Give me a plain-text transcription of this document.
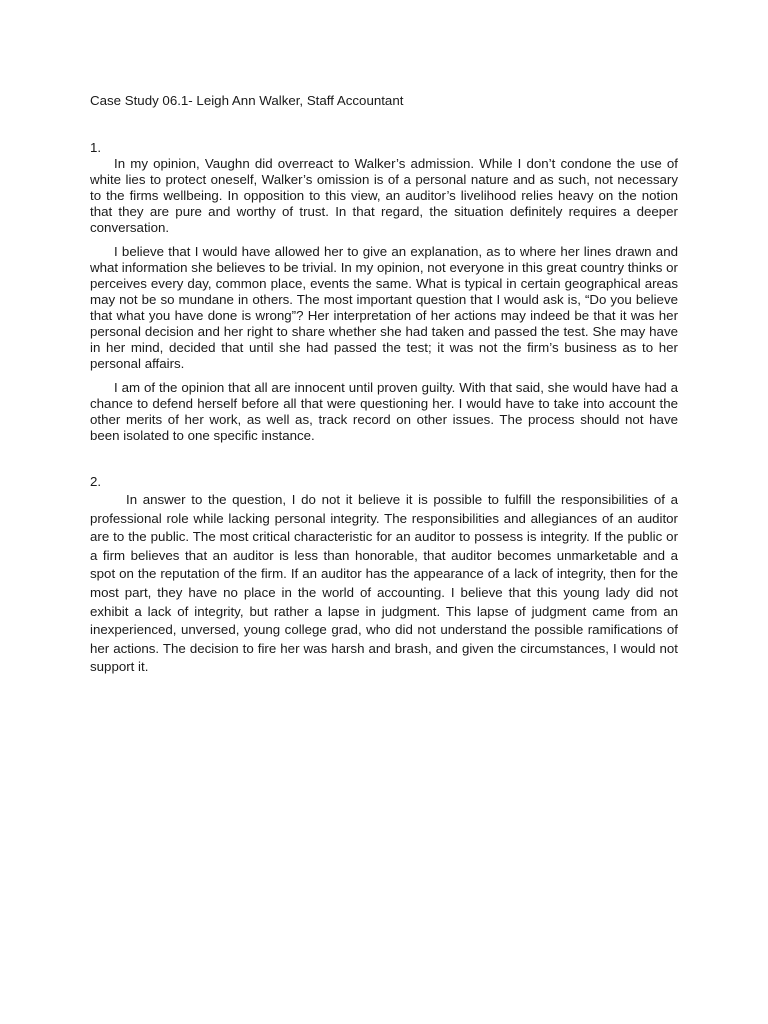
Case Study 06.1- Leigh Ann Walker, Staff Accountant

1.

In my opinion, Vaughn did overreact to Walker’s admission. While I don’t condone the use of white lies to protect oneself, Walker’s omission is of a personal nature and as such, not necessary to the firms wellbeing. In opposition to this view, an auditor’s livelihood relies heavy on the notion that they are pure and worthy of trust. In that regard, the situation definitely requires a deeper conversation.

I believe that I would have allowed her to give an explanation, as to where her lines drawn and what information she believes to be trivial. In my opinion, not everyone in this great country thinks or perceives every day, common place, events the same. What is typical in certain geographical areas may not be so mundane in others. The most important question that I would ask is, “Do you believe that what you have done is wrong”? Her interpretation of her actions may indeed be that it was her personal decision and her right to share whether she had taken and passed the test. She may have in her mind, decided that until she had passed the test; it was not the firm’s business as to her personal affairs.

I am of the opinion that all are innocent until proven guilty. With that said, she would have had a chance to defend herself before all that were questioning her. I would have to take into account the other merits of her work, as well as, track record on other issues. The process should not have been isolated to one specific instance.

2.

In answer to the question, I do not it believe it is possible to fulfill the responsibilities of a professional role while lacking personal integrity. The responsibilities and allegiances of an auditor are to the public. The most critical characteristic for an auditor to possess is integrity. If the public or a firm believes that an auditor is less than honorable, that auditor becomes unmarketable and a spot on the reputation of the firm. If an auditor has the appearance of a lack of integrity, then for the most part, they have no place in the world of accounting. I believe that this young lady did not exhibit a lack of integrity, but rather a lapse in judgment. This lapse of judgment came from an inexperienced, unversed, young college grad, who did not understand the possible ramifications of her actions. The decision to fire her was harsh and brash, and given the circumstances, I would not support it.
